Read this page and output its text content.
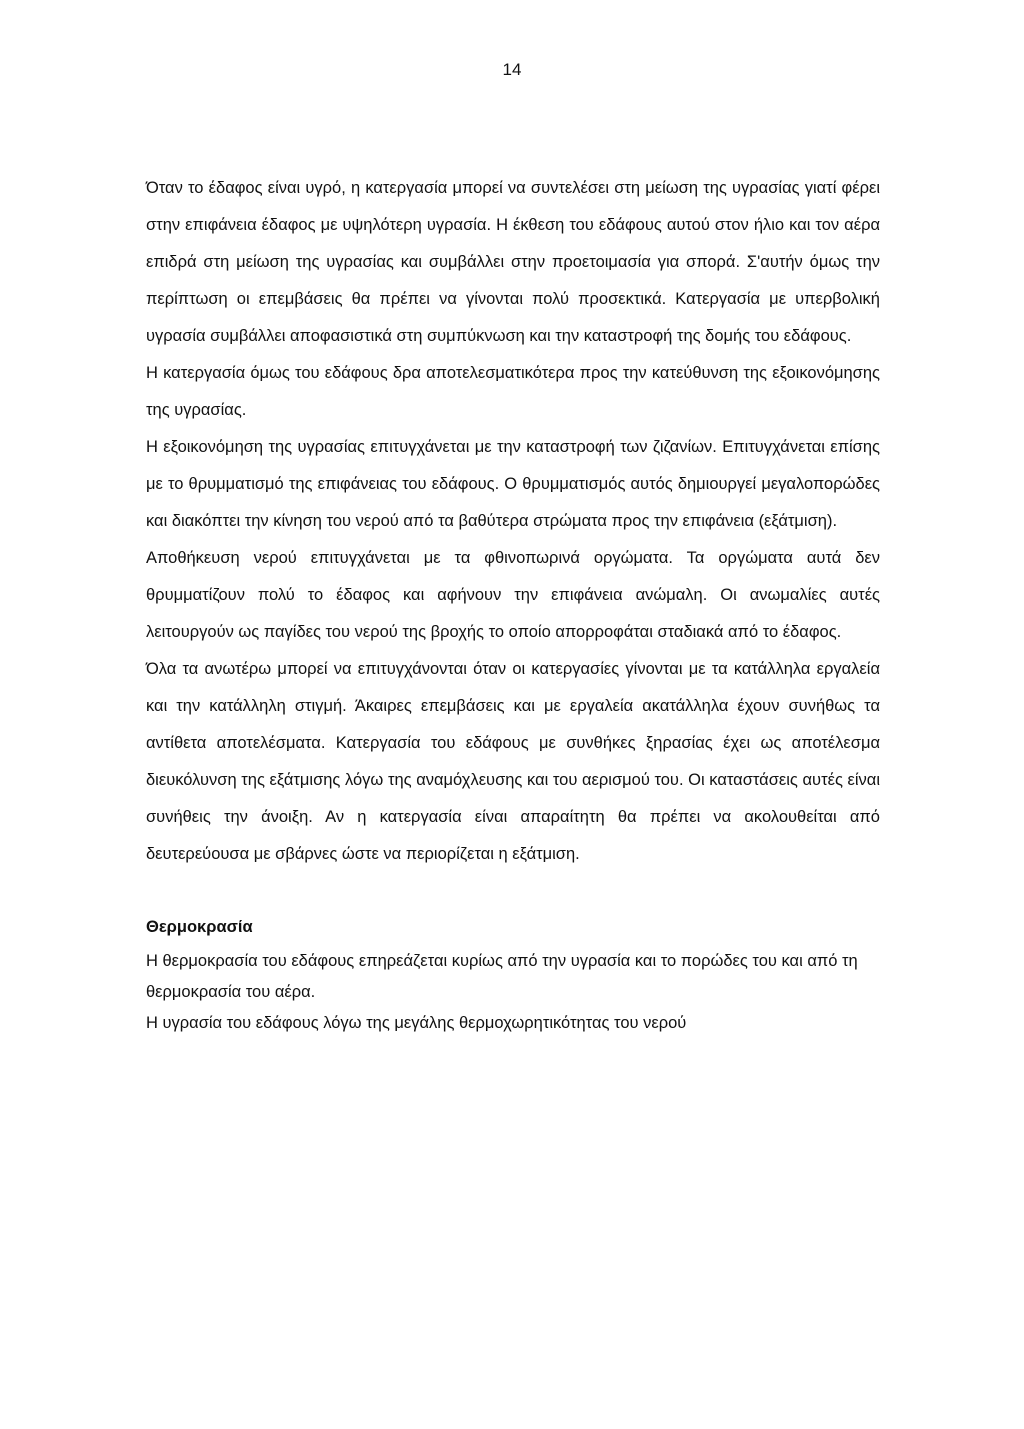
14

Όταν το έδαφος είναι υγρό, η κατεργασία μπορεί να συντελέσει στη μείωση της υγρασίας γιατί φέρει στην επιφάνεια έδαφος με υψηλότερη υγρασία. Η έκθεση του εδάφους αυτού στον ήλιο και τον αέρα επιδρά στη μείωση της υγρασίας και συμβάλλει στην προετοιμασία για σπορά. Σ'αυτήν όμως την περίπτωση οι επεμβάσεις θα πρέπει να γίνονται πολύ προσεκτικά. Κατεργασία με υπερβολική υγρασία συμβάλλει αποφασιστικά στη συμπύκνωση και την καταστροφή της δομής του εδάφους.

Η κατεργασία όμως του εδάφους δρα αποτελεσματικότερα προς την κατεύθυνση της εξοικονόμησης της υγρασίας.

Η εξοικονόμηση της υγρασίας επιτυγχάνεται με την καταστροφή των ζιζανίων. Επιτυγχάνεται επίσης με το θρυμματισμό της επιφάνειας του εδάφους. Ο θρυμματισμός αυτός δημιουργεί μεγαλοπορώδες και διακόπτει την κίνηση του νερού από τα βαθύτερα στρώματα προς την επιφάνεια (εξάτμιση).

Αποθήκευση νερού επιτυγχάνεται με τα φθινοπωρινά οργώματα. Τα οργώματα αυτά δεν θρυμματίζουν πολύ το έδαφος και αφήνουν την επιφάνεια ανώμαλη. Οι ανωμαλίες αυτές λειτουργούν ως παγίδες του νερού της βροχής το οποίο απορροφάται σταδιακά από το έδαφος.

Όλα τα ανωτέρω μπορεί να επιτυγχάνονται όταν οι κατεργασίες γίνονται με τα κατάλληλα εργαλεία και την κατάλληλη στιγμή. Άκαιρες επεμβάσεις και με εργαλεία ακατάλληλα έχουν συνήθως τα αντίθετα αποτελέσματα. Κατεργασία του εδάφους με συνθήκες ξηρασίας έχει ως αποτέλεσμα διευκόλυνση της εξάτμισης λόγω της αναμόχλευσης και του αερισμού του. Οι καταστάσεις αυτές είναι συνήθεις την άνοιξη. Αν η κατεργασία είναι απαραίτητη θα πρέπει να ακολουθείται από δευτερεύουσα με σβάρνες ώστε να περιορίζεται η εξάτμιση.

Θερμοκρασία

Η θερμοκρασία του εδάφους επηρεάζεται κυρίως από την υγρασία και το πορώδες του και από τη θερμοκρασία του αέρα.

Η υγρασία του εδάφους λόγω της μεγάλης θερμοχωρητικότητας του νερού
